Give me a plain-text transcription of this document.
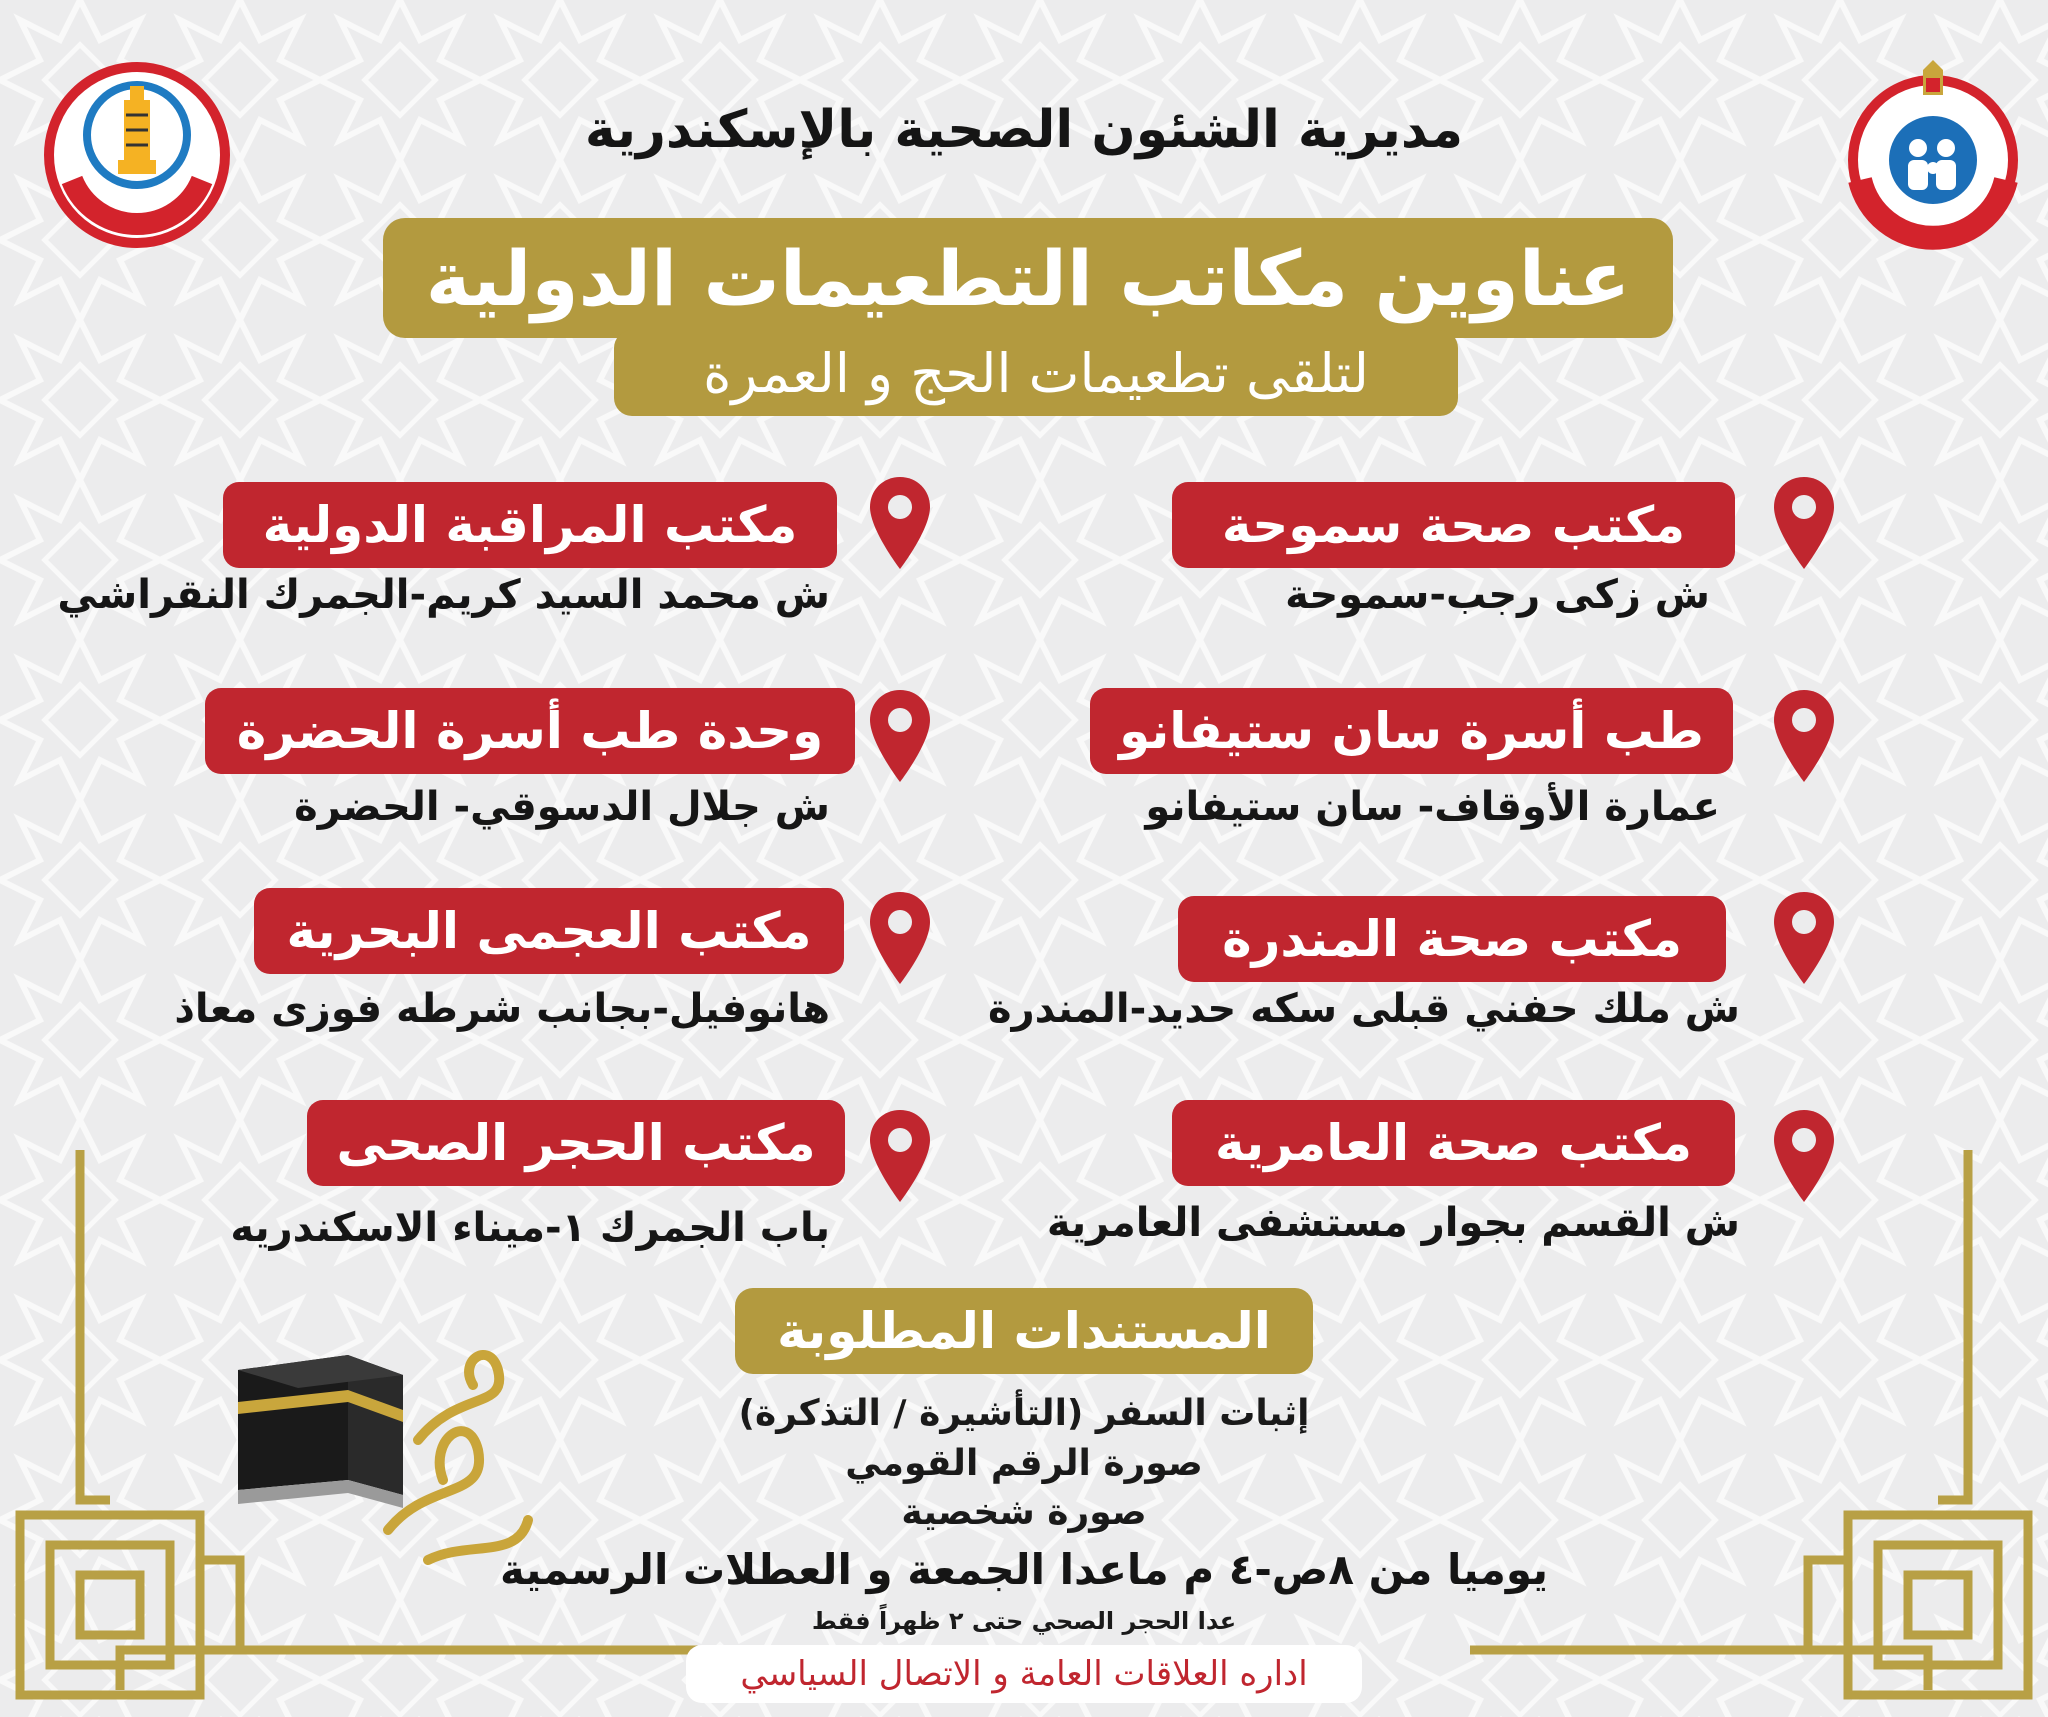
مديرية الشئون الصحية بالإسكندرية
عناوين مكاتب التطعيمات الدولية
لتلقى تطعيمات الحج و العمرة
مكتب صحة سموحة
ش زكى رجب-سموحة
مكتب المراقبة الدولية
ش محمد السيد كريم-الجمرك النقراشي
طب أسرة سان ستيفانو
عمارة الأوقاف- سان ستيفانو
وحدة طب أسرة الحضرة
ش جلال الدسوقي- الحضرة
مكتب صحة المندرة
ش ملك حفني قبلى سكه حديد-المندرة
مكتب العجمى البحرية
هانوفيل-بجانب شرطه فوزى معاذ
مكتب صحة العامرية
ش القسم بجوار مستشفى العامرية
مكتب الحجر الصحى
باب الجمرك ١-ميناء الاسكندريه
المستندات المطلوبة
إثبات السفر (التأشيرة / التذكرة)
صورة الرقم القومي
صورة شخصية
يوميا من ٨ص-٤ م ماعدا الجمعة و العطلات الرسمية
عدا الحجر الصحي حتى ٢ ظهراً فقط
اداره العلاقات العامة و الاتصال السياسي
